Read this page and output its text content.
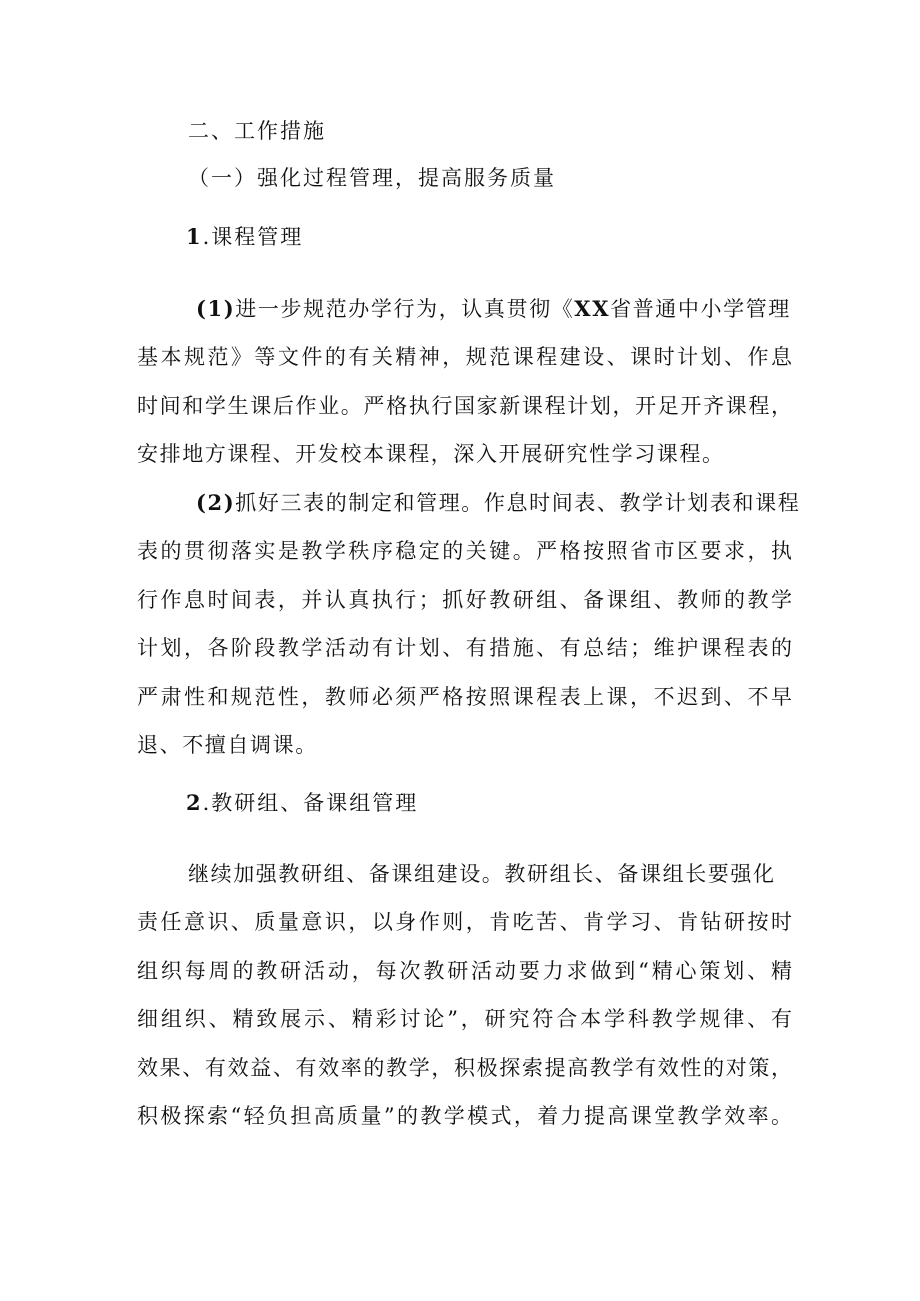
二、工作措施
（一）强化过程管理，提高服务质量
1.课程管理
(1)进一步规范办学行为，认真贯彻《XX省普通中小学管理
基本规范》等文件的有关精神，规范课程建设、课时计划、作息
时间和学生课后作业。严格执行国家新课程计划，开足开齐课程，
安排地方课程、开发校本课程，深入开展研究性学习课程。
(2)抓好三表的制定和管理。作息时间表、教学计划表和课程
表的贯彻落实是教学秩序稳定的关键。严格按照省市区要求，执
行作息时间表，并认真执行；抓好教研组、备课组、教师的教学
计划，各阶段教学活动有计划、有措施、有总结；维护课程表的
严肃性和规范性，教师必须严格按照课程表上课，不迟到、不早
退、不擅自调课。
2.教研组、备课组管理
继续加强教研组、备课组建设。教研组长、备课组长要强化
责任意识、质量意识，以身作则，肯吃苦、肯学习、肯钻研按时
组织每周的教研活动，每次教研活动要力求做到“精心策划、精
细组织、精致展示、精彩讨论”，研究符合本学科教学规律、有
效果、有效益、有效率的教学，积极探索提高教学有效性的对策，
积极探索“轻负担高质量”的教学模式，着力提高课堂教学效率。
